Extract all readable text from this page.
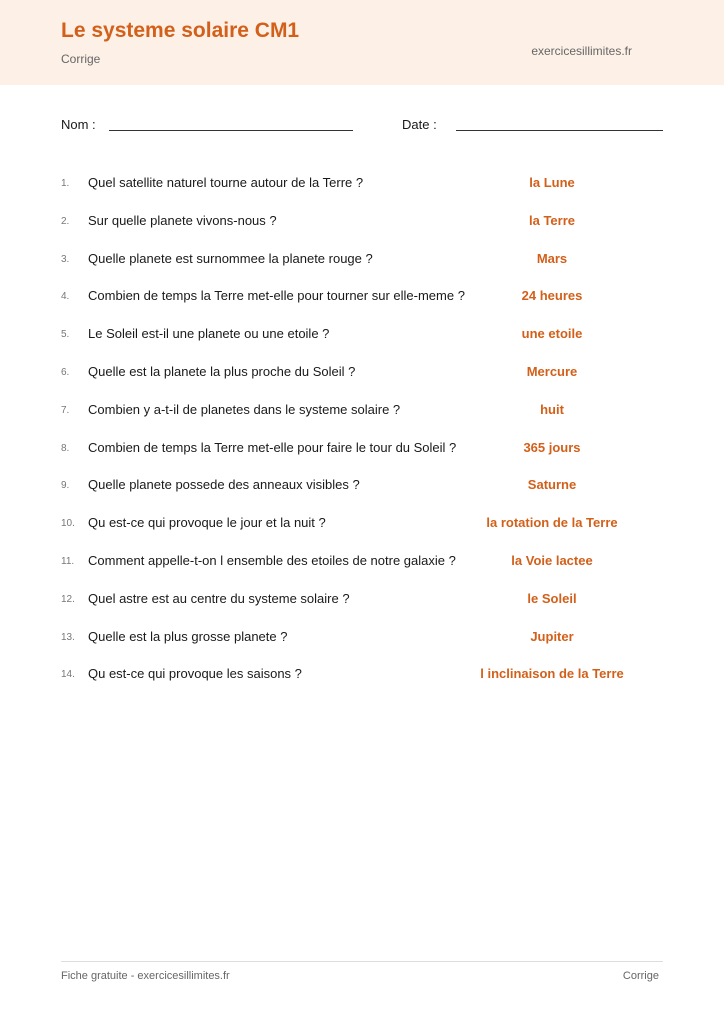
Le systeme solaire CM1
Corrige
exercicesillimites.fr
Nom :	Date :
1.	Quel satellite naturel tourne autour de la Terre ?	la Lune
2.	Sur quelle planete vivons-nous ?	la Terre
3.	Quelle planete est surnommee la planete rouge ?	Mars
4.	Combien de temps la Terre met-elle pour tourner sur elle-meme ?	24 heures
5.	Le Soleil est-il une planete ou une etoile ?	une etoile
6.	Quelle est la planete la plus proche du Soleil ?	Mercure
7.	Combien y a-t-il de planetes dans le systeme solaire ?	huit
8.	Combien de temps la Terre met-elle pour faire le tour du Soleil ?	365 jours
9.	Quelle planete possede des anneaux visibles ?	Saturne
10.	Qu est-ce qui provoque le jour et la nuit ?	la rotation de la Terre
11.	Comment appelle-t-on l ensemble des etoiles de notre galaxie ?	la Voie lactee
12.	Quel astre est au centre du systeme solaire ?	le Soleil
13.	Quelle est la plus grosse planete ?	Jupiter
14.	Qu est-ce qui provoque les saisons ?	l inclinaison de la Terre
Fiche gratuite - exercicesillimites.fr	Corrige
